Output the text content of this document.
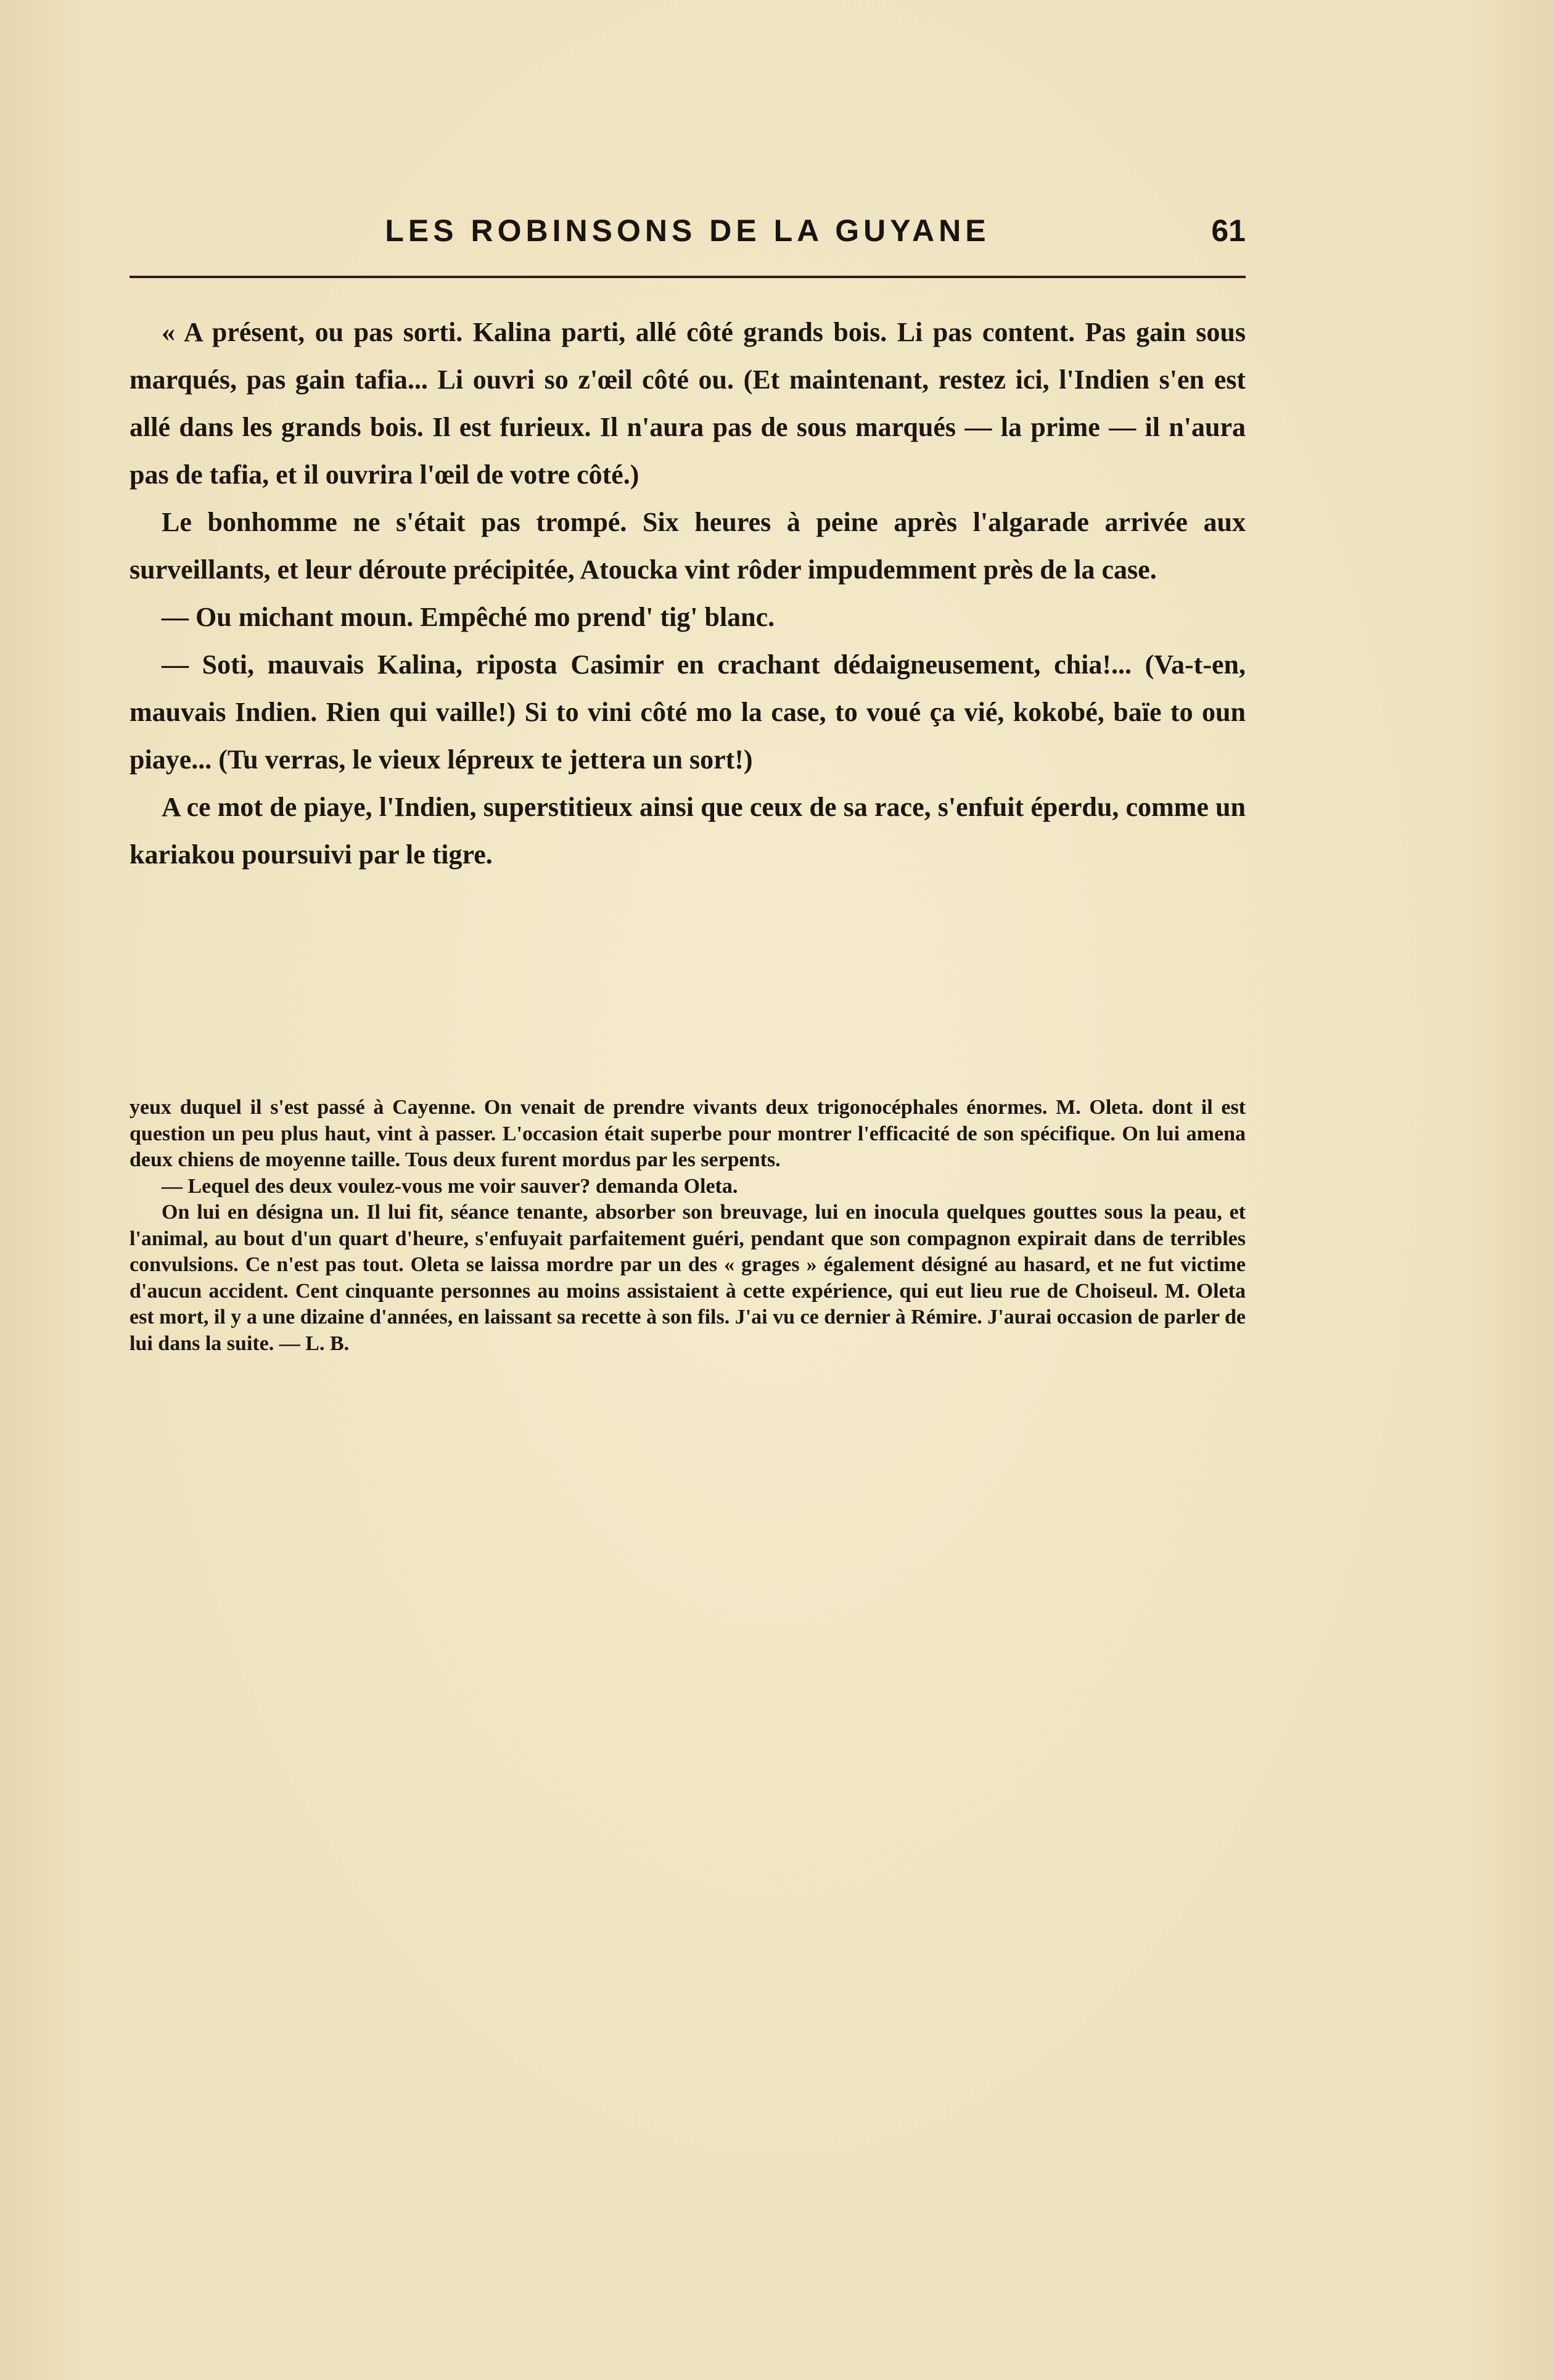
LES ROBINSONS DE LA GUYANE	61

« A présent, ou pas sorti. Kalina parti, allé côté grands bois. Li pas content. Pas gain sous marqués, pas gain tafia... Li ouvri so z'œil côté ou. (Et maintenant, restez ici, l'Indien s'en est allé dans les grands bois. Il est furieux. Il n'aura pas de sous marqués — la prime — il n'aura pas de tafia, et il ouvrira l'œil de votre côté.)

Le bonhomme ne s'était pas trompé. Six heures à peine après l'algarade arrivée aux surveillants, et leur déroute précipitée, Atoucka vint rôder impudemment près de la case.

— Ou michant moun. Empêché mo prend' tig' blanc.

— Soti, mauvais Kalina, riposta Casimir en crachant dédaigneusement, chia!... (Va-t-en, mauvais Indien. Rien qui vaille!) Si to vini côté mo la case, to voué ça vié, kokobé, baïe to oun piaye... (Tu verras, le vieux lépreux te jettera un sort!)

A ce mot de piaye, l'Indien, superstitieux ainsi que ceux de sa race, s'enfuit éperdu, comme un kariakou poursuivi par le tigre.

yeux duquel il s'est passé à Cayenne. On venait de prendre vivants deux trigonocéphales énormes. M. Oleta. dont il est question un peu plus haut, vint à passer. L'occasion était superbe pour montrer l'efficacité de son spécifique. On lui amena deux chiens de moyenne taille. Tous deux furent mordus par les serpents.

— Lequel des deux voulez-vous me voir sauver? demanda Oleta.

On lui en désigna un. Il lui fit, séance tenante, absorber son breuvage, lui en inocula quelques gouttes sous la peau, et l'animal, au bout d'un quart d'heure, s'enfuyait parfaitement guéri, pendant que son compagnon expirait dans de terribles convulsions. Ce n'est pas tout. Oleta se laissa mordre par un des « grages » également désigné au hasard, et ne fut victime d'aucun accident. Cent cinquante personnes au moins assistaient à cette expérience, qui eut lieu rue de Choiseul. M. Oleta est mort, il y a une dizaine d'années, en laissant sa recette à son fils. J'ai vu ce dernier à Rémire. J'aurai occasion de parler de lui dans la suite. — L. B.
